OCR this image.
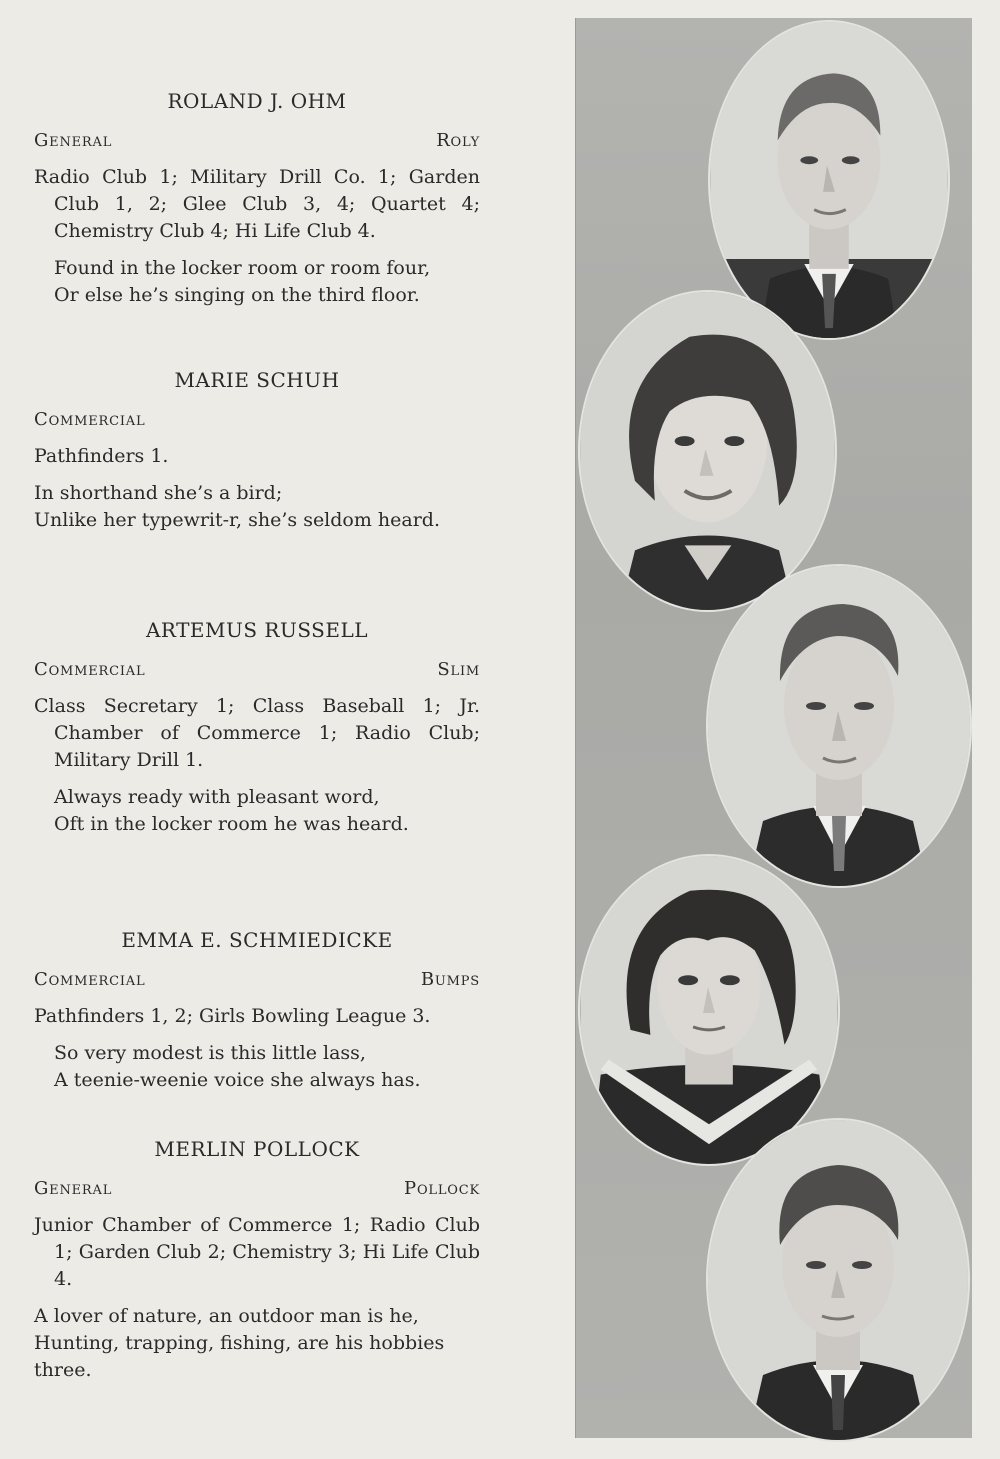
ROLAND J. OHM
General	Roly
Radio Club 1; Military Drill Co. 1; Garden Club 1, 2; Glee Club 3, 4; Quartet 4; Chemistry Club 4; Hi Life Club 4.
Found in the locker room or room four,
Or else he’s singing on the third floor.
MARIE SCHUH
Commercial
Pathfinders 1.
In shorthand she’s a bird;
Unlike her typewrit-r, she’s seldom heard.
ARTEMUS RUSSELL
Commercial	Slim
Class Secretary 1; Class Baseball 1; Jr. Chamber of Commerce 1; Radio Club; Military Drill 1.
Always ready with pleasant word,
Oft in the locker room he was heard.
EMMA E. SCHMIEDICKE
Commercial	Bumps
Pathfinders 1, 2; Girls Bowling League 3.
So very modest is this little lass,
A teenie-weenie voice she always has.
MERLIN POLLOCK
General	Pollock
Junior Chamber of Commerce 1; Radio Club 1; Garden Club 2; Chemistry 3; Hi Life Club 4.
A lover of nature, an outdoor man is he,
Hunting, trapping, fishing, are his hobbies
three.
